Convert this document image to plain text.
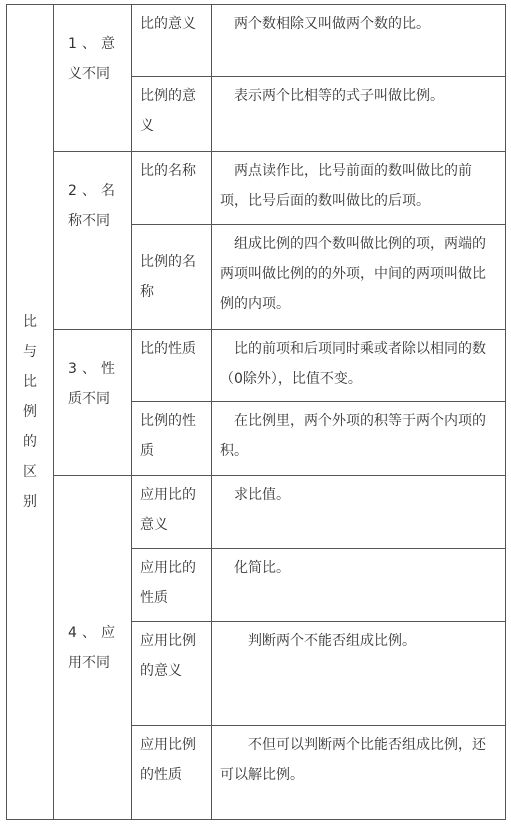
比与比例的区别	1、意义不同	比的意义	两个数相除又叫做两个数的比。

		比例的意义	表示两个比相等的式子叫做比例。

	2、名称不同	比的名称	两点读作比，比号前面的数叫做比的前项，比号后面的数叫做比的后项。

		比例的名称	组成比例的四个数叫做比例的项，两端的两项叫做比例的的外项，中间的两项叫做比例的内项。

	3、性质不同	比的性质	比的前项和后项同时乘或者除以相同的数（0除外），比值不变。

		比例的性质	在比例里，两个外项的积等于两个内项的积。

	4、应用不同	应用比的意义	求比值。

		应用比的性质	化简比。

		应用比例的意义	判断两个不能否组成比例。

		应用比例的性质	不但可以判断两个比能否组成比例，还可以解比例。
